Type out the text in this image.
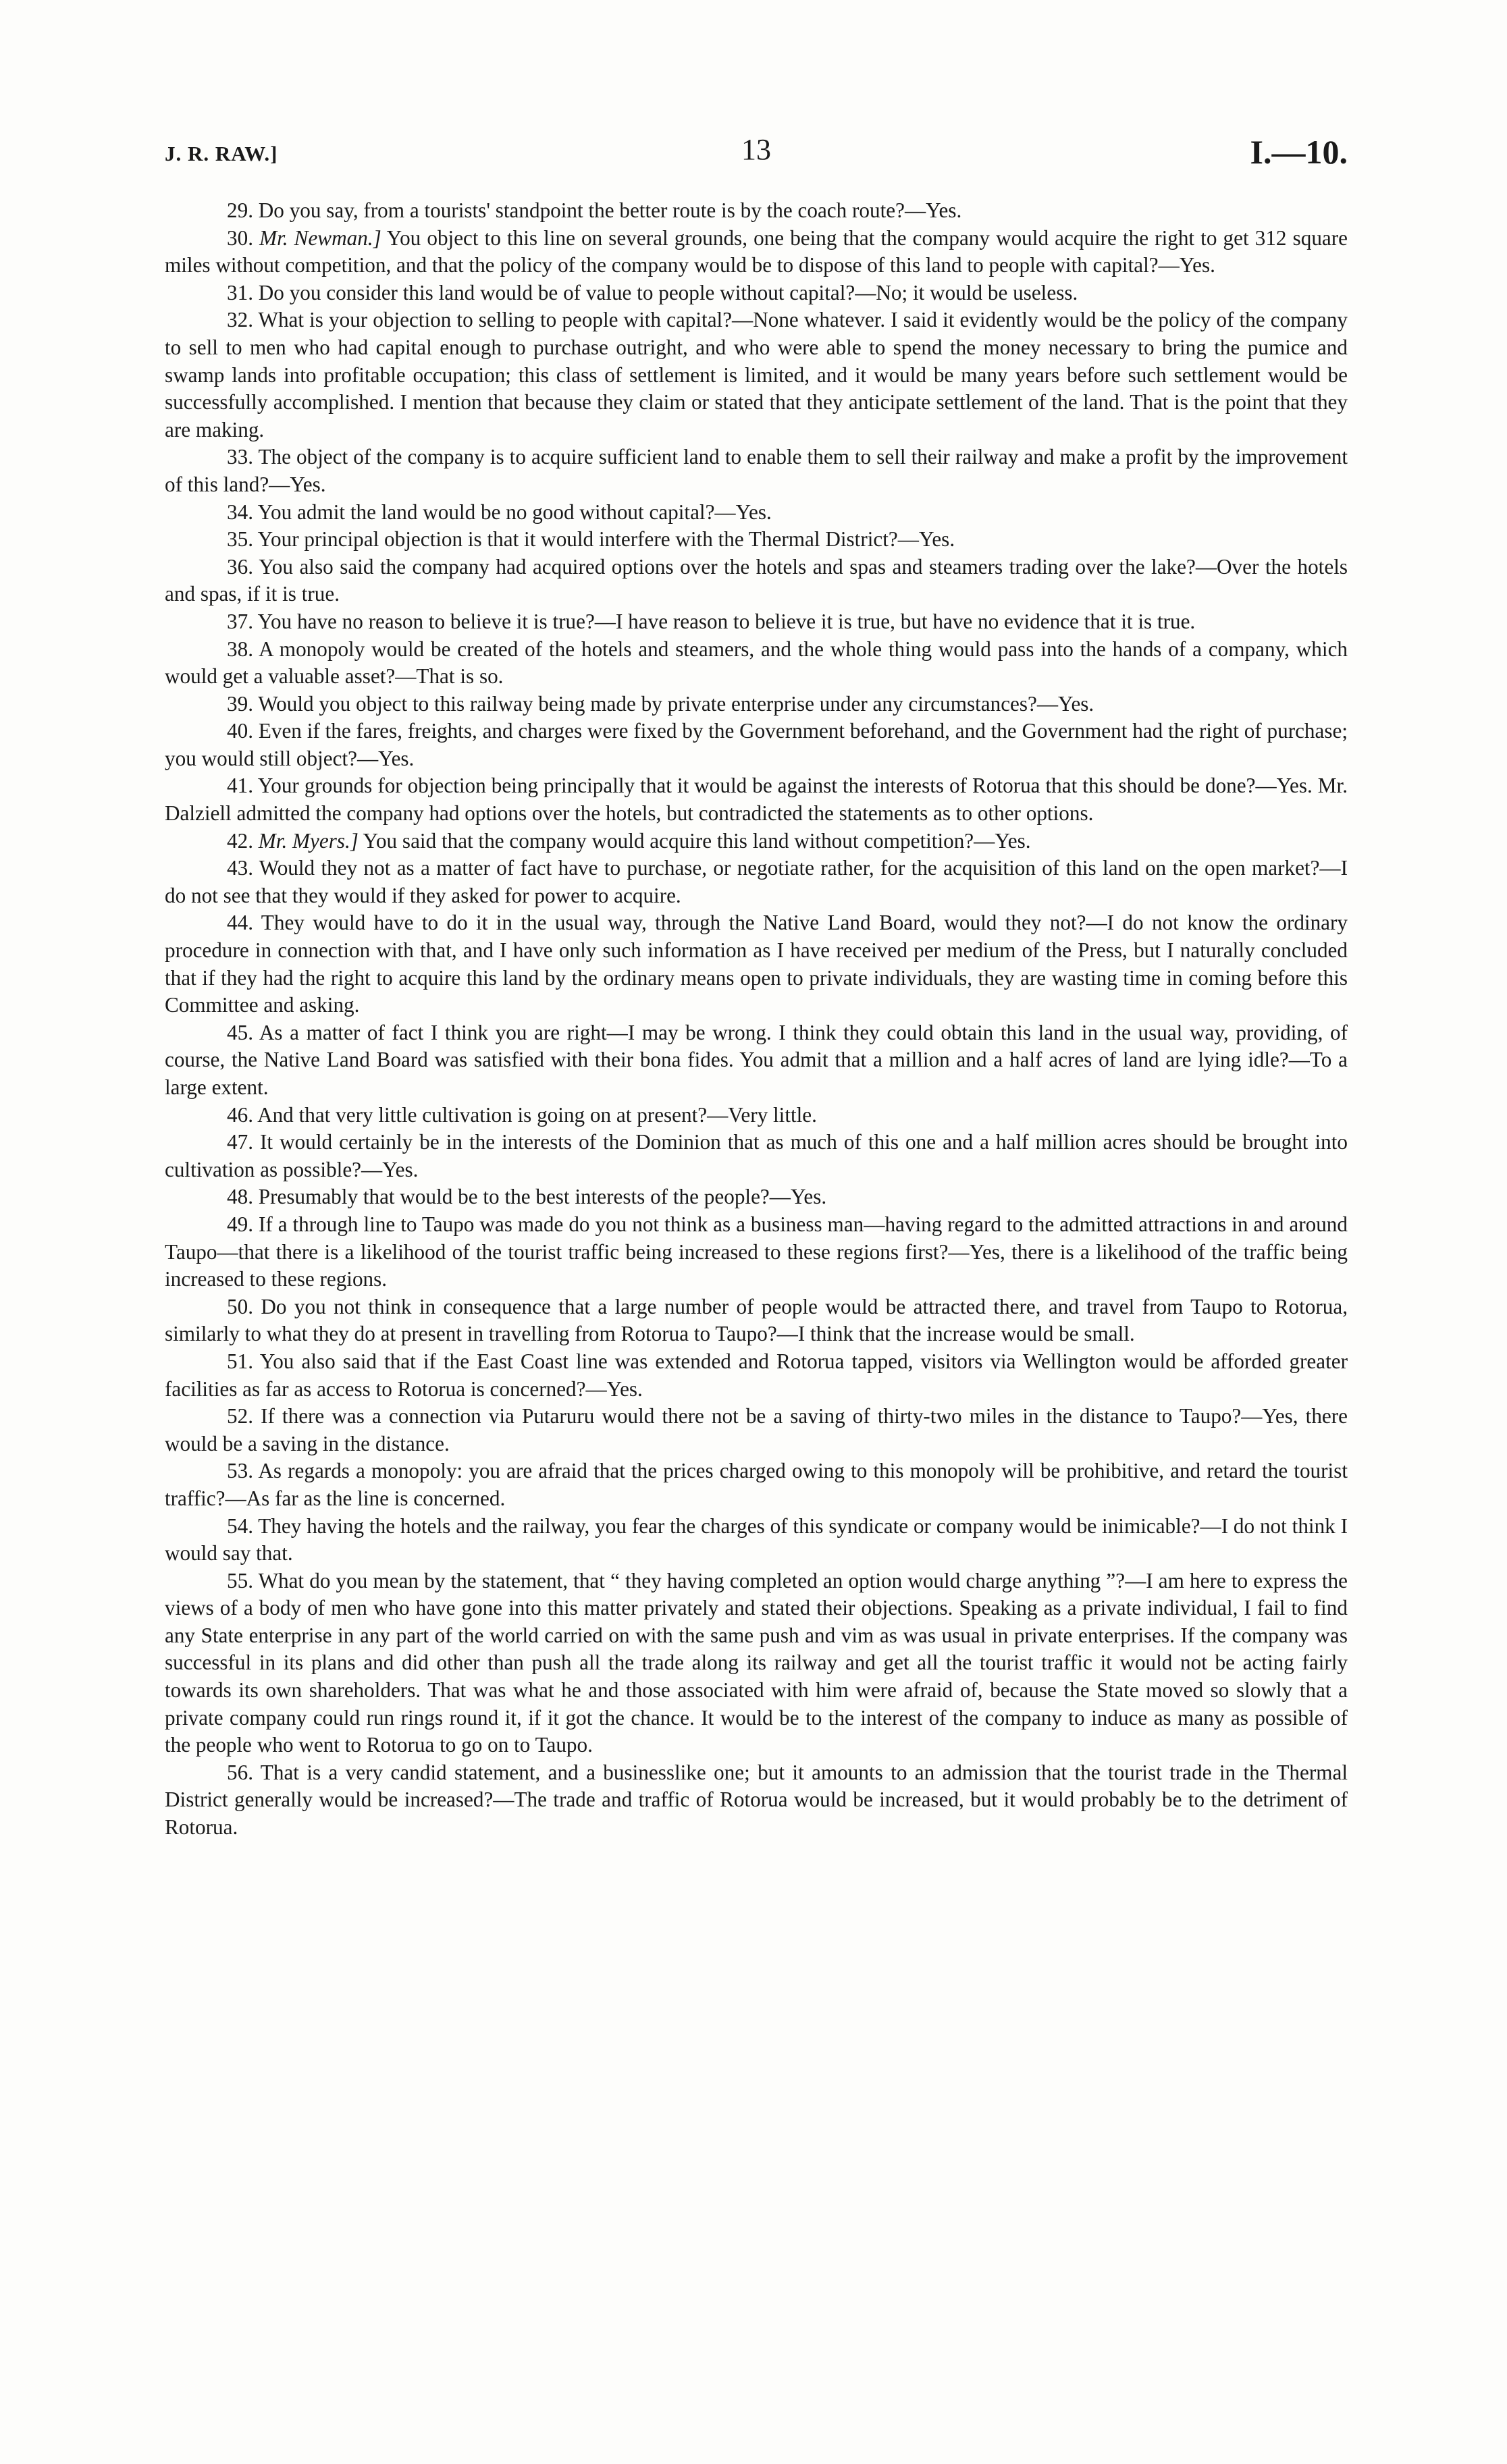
J. R. RAW.]	13	I.—10.

29. Do you say, from a tourists' standpoint the better route is by the coach route?—Yes.

30. Mr. Newman.] You object to this line on several grounds, one being that the company would acquire the right to get 312 square miles without competition, and that the policy of the company would be to dispose of this land to people with capital?—Yes.

31. Do you consider this land would be of value to people without capital?—No; it would be useless.

32. What is your objection to selling to people with capital?—None whatever. I said it evidently would be the policy of the company to sell to men who had capital enough to purchase outright, and who were able to spend the money necessary to bring the pumice and swamp lands into profitable occupation; this class of settlement is limited, and it would be many years before such settlement would be successfully accomplished. I mention that because they claim or stated that they anticipate settlement of the land. That is the point that they are making.

33. The object of the company is to acquire sufficient land to enable them to sell their railway and make a profit by the improvement of this land?—Yes.

34. You admit the land would be no good without capital?—Yes.

35. Your principal objection is that it would interfere with the Thermal District?—Yes.

36. You also said the company had acquired options over the hotels and spas and steamers trading over the lake?—Over the hotels and spas, if it is true.

37. You have no reason to believe it is true?—I have reason to believe it is true, but have no evidence that it is true.

38. A monopoly would be created of the hotels and steamers, and the whole thing would pass into the hands of a company, which would get a valuable asset?—That is so.

39. Would you object to this railway being made by private enterprise under any circumstances?—Yes.

40. Even if the fares, freights, and charges were fixed by the Government beforehand, and the Government had the right of purchase; you would still object?—Yes.

41. Your grounds for objection being principally that it would be against the interests of Rotorua that this should be done?—Yes. Mr. Dalziell admitted the company had options over the hotels, but contradicted the statements as to other options.

42. Mr. Myers.] You said that the company would acquire this land without competition?—Yes.

43. Would they not as a matter of fact have to purchase, or negotiate rather, for the acquisition of this land on the open market?—I do not see that they would if they asked for power to acquire.

44. They would have to do it in the usual way, through the Native Land Board, would they not?—I do not know the ordinary procedure in connection with that, and I have only such information as I have received per medium of the Press, but I naturally concluded that if they had the right to acquire this land by the ordinary means open to private individuals, they are wasting time in coming before this Committee and asking.

45. As a matter of fact I think you are right—I may be wrong. I think they could obtain this land in the usual way, providing, of course, the Native Land Board was satisfied with their bona fides. You admit that a million and a half acres of land are lying idle?—To a large extent.

46. And that very little cultivation is going on at present?—Very little.

47. It would certainly be in the interests of the Dominion that as much of this one and a half million acres should be brought into cultivation as possible?—Yes.

48. Presumably that would be to the best interests of the people?—Yes.

49. If a through line to Taupo was made do you not think as a business man—having regard to the admitted attractions in and around Taupo—that there is a likelihood of the tourist traffic being increased to these regions first?—Yes, there is a likelihood of the traffic being increased to these regions.

50. Do you not think in consequence that a large number of people would be attracted there, and travel from Taupo to Rotorua, similarly to what they do at present in travelling from Rotorua to Taupo?—I think that the increase would be small.

51. You also said that if the East Coast line was extended and Rotorua tapped, visitors via Wellington would be afforded greater facilities as far as access to Rotorua is concerned?—Yes.

52. If there was a connection via Putaruru would there not be a saving of thirty-two miles in the distance to Taupo?—Yes, there would be a saving in the distance.

53. As regards a monopoly: you are afraid that the prices charged owing to this monopoly will be prohibitive, and retard the tourist traffic?—As far as the line is concerned.

54. They having the hotels and the railway, you fear the charges of this syndicate or company would be inimicable?—I do not think I would say that.

55. What do you mean by the statement, that “ they having completed an option would charge anything ”?—I am here to express the views of a body of men who have gone into this matter privately and stated their objections. Speaking as a private individual, I fail to find any State enterprise in any part of the world carried on with the same push and vim as was usual in private enterprises. If the company was successful in its plans and did other than push all the trade along its railway and get all the tourist traffic it would not be acting fairly towards its own shareholders. That was what he and those associated with him were afraid of, because the State moved so slowly that a private company could run rings round it, if it got the chance. It would be to the interest of the company to induce as many as possible of the people who went to Rotorua to go on to Taupo.

56. That is a very candid statement, and a businesslike one; but it amounts to an admission that the tourist trade in the Thermal District generally would be increased?—The trade and traffic of Rotorua would be increased, but it would probably be to the detriment of Rotorua.
